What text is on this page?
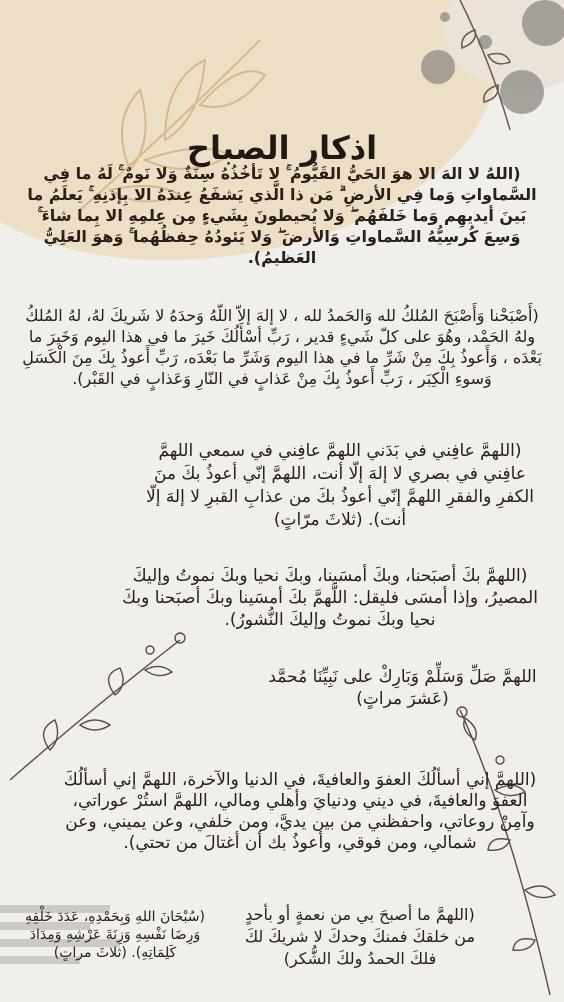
اذكار الصباح

(اللهُ لا الهَ الا هوَ الحَيُّ القَيُّومُ ۚ لا تَأخُذُهُ سِنَةٌ وَلا نَومٌ ۚ لَهُ ما فِي السَّماواتِ وَما فِي الأرضِ ۗ مَن ذا الَّذي يَشفَعُ عِندَهُ الا بِإذنِهِ ۚ يَعلَمُ ما بَينَ أيديهِم وَما خَلفَهُم ۖ وَلا يُحيطونَ بِشَيءٍ مِن عِلمِهِ الا بِما شاءَ ۚ وَسِعَ كُرسِيُّهُ السَّماواتِ وَالأرضَ ۖ وَلا يَئودُهُ حِفظُهُما ۚ وَهوَ العَلِيُّ العَظيمُ).

(أَصْبَحْنا وَأَصْبَحَ المُلكُ لله وَالحَمدُ لله ، لا إلهَ إلاّ اللّهُ وَحدَهُ لا شَريكَ لهُ، لهُ المُلكُ ولهُ الحَمْد، وهُوَ على كلّ شَيءٍ قدير ، رَبِّ أسْأَلُكَ خَيرَ ما في هذا اليوم وَخَيرَ ما بَعْدَه ، وَأَعوذُ بِكَ مِنْ شَرِّ ما في هذا اليوم وَشَرِّ ما بَعْدَه، رَبِّ أَعوذُ بِكَ مِنَ الْكَسَلِ وَسوءِ الْكِبَر ، رَبِّ أَعوذُ بِكَ مِنْ عَذابٍ في النّارِ وَعَذابٍ في القَبْر).

(اللهمَّ عافِني في بَدَني اللهمَّ عافِني في سمعي اللهمَّ عافِني في بصري لا إلهَ إلّا أنت، اللهمَّ إنّي أعوذُ بكَ منَ الكفرِ والفقرِ اللهمَّ إنّي أعوذُ بكَ من عذابِ القبرِ لا إلهَ إلّا أنت). (ثلاثَ مرّاتٍ)

(اللهمَّ بكَ أصبَحنا، وبكَ أمسَينا، وبكَ نحيا وبكَ نموتُ وإليكَ المصيرُ، وإذا أمسَى فليقل: اللَّهمَّ بكَ أمسَينا وبكَ أصبَحنا وبكَ نحيا وبكَ نموتُ وإليكَ النُّشورُ).

اللهمَّ صَلِّ وَسَلِّمْ وَبَارِكْ على نَبِيِّنَا مُحمَّد (عَشرَ مراتٍ)

(اللهمَّ إني أسألُكَ العفوَ والعافيةَ، في الدنيا والآخرة، اللهمَّ إني أسألُكَ العفوَ والعافيةَ، في ديني ودنيايَ وأهلي ومالي، اللهمَّ استُرْ عوراتي، وآمِنْ روعاتي، واحفظني من بين يديَّ، ومن خلفي، وعن يميني، وعن شمالي، ومن فوقي، وأعوذُ بك أن أغتالَ من تحتي).

(سُبْحَانَ اللهِ وَبِحَمْدِهِ، عَدَدَ خَلْقِهِ وَرِضَا نَفْسِهِ وَزِنَةَ عَرْشِهِ وَمِدَادَ كَلِمَاتِهِ). (ثلاثَ مراتٍ)

(اللهمَّ ما أصبحَ بي من نعمةٍ أو بأحدٍ من خلقكَ فمنكَ وحدكَ لا شريكَ لكَ فلكَ الحمدُ ولكَ الشُّكر)
